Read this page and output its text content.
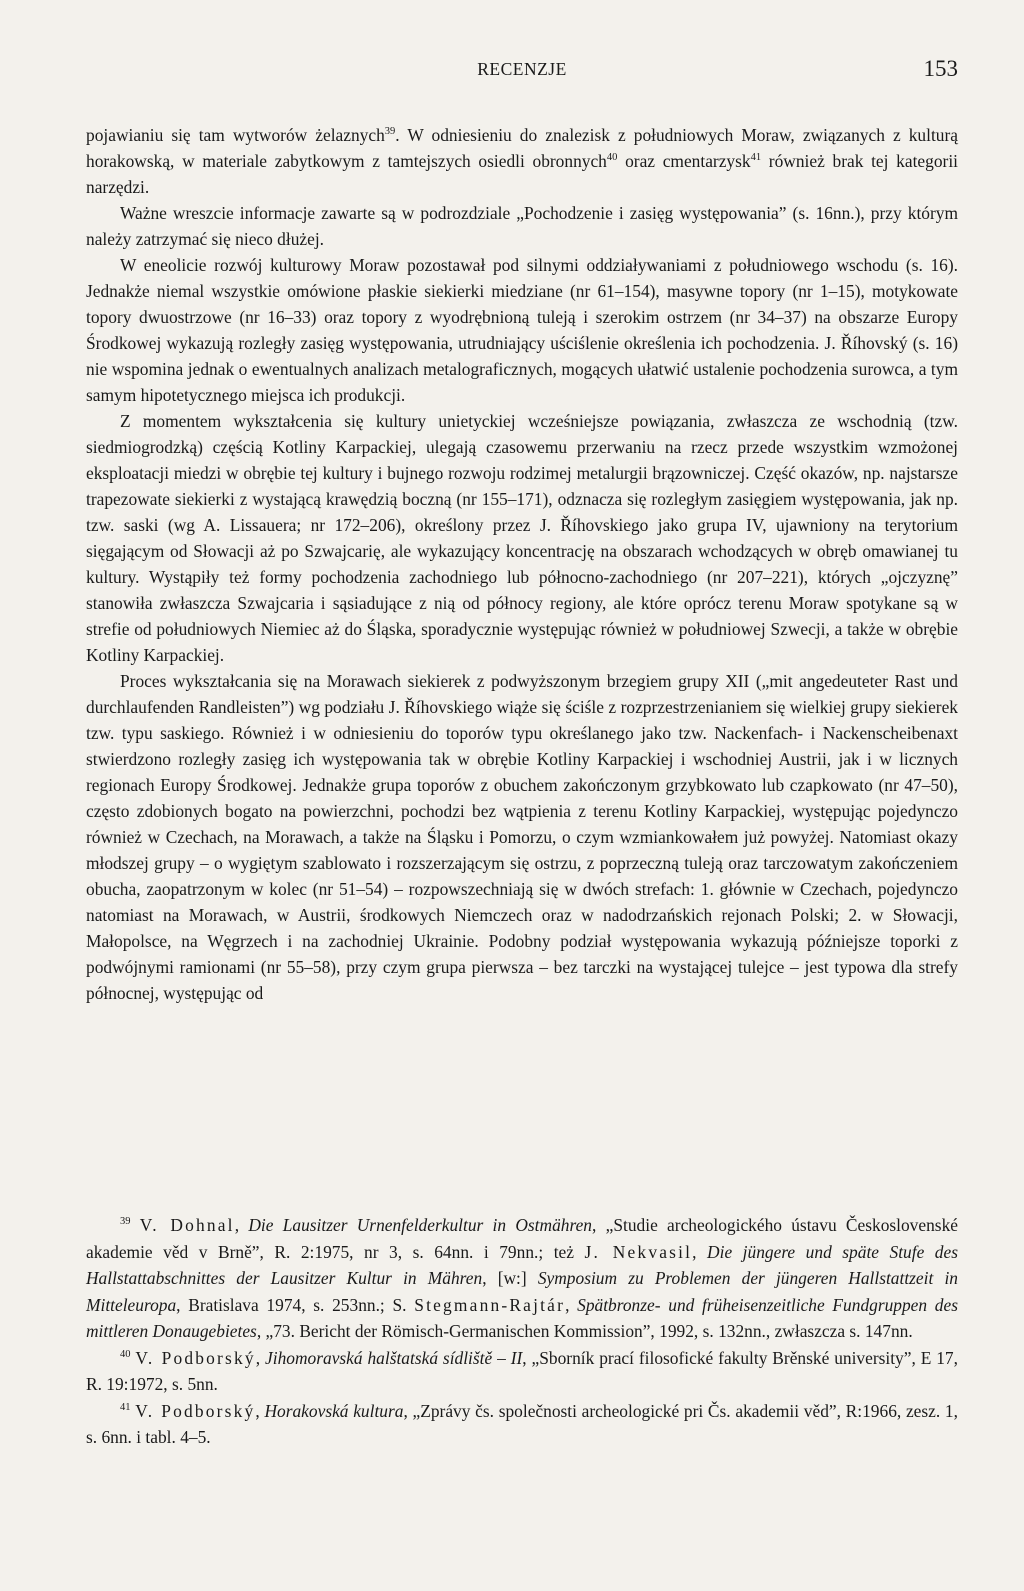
RECENZJE	153

pojawianiu się tam wytworów żelaznych$^{39}$. W odniesieniu do znalezisk z południowych Moraw, związanych z kulturą horakowską, w materiale zabytkowym z tamtejszych osiedli obronnych$^{40}$ oraz cmentarzysk$^{41}$ również brak tej kategorii narzędzi.

Ważne wreszcie informacje zawarte są w podrozdziale „Pochodzenie i zasięg występowania” (s. 16nn.), przy którym należy zatrzymać się nieco dłużej.

W eneolicie rozwój kulturowy Moraw pozostawał pod silnymi oddziaływaniami z południowego wschodu (s. 16). Jednakże niemal wszystkie omówione płaskie siekierki miedziane (nr 61–154), masywne topory (nr 1–15), motykowate topory dwuostrzowe (nr 16–33) oraz topory z wyodrębnioną tuleją i szerokim ostrzem (nr 34–37) na obszarze Europy Środkowej wykazują rozległy zasięg występowania, utrudniający uściślenie określenia ich pochodzenia. J. Říhovský (s. 16) nie wspomina jednak o ewentualnych analizach metalograficznych, mogących ułatwić ustalenie pochodzenia surowca, a tym samym hipotetycznego miejsca ich produkcji.

Z momentem wykształcenia się kultury unietyckiej wcześniejsze powiązania, zwłaszcza ze wschodnią (tzw. siedmiogrodzką) częścią Kotliny Karpackiej, ulegają czasowemu przerwaniu na rzecz przede wszystkim wzmożonej eksploatacji miedzi w obrębie tej kultury i bujnego rozwoju rodzimej metalurgii brązowniczej. Część okazów, np. najstarsze trapezowate siekierki z wystającą krawędzią boczną (nr 155–171), odznacza się rozległym zasięgiem występowania, jak np. tzw. saski (wg A. Lissauera; nr 172–206), określony przez J. Říhovskiego jako grupa IV, ujawniony na terytorium sięgającym od Słowacji aż po Szwajcarię, ale wykazujący koncentrację na obszarach wchodzących w obręb omawianej tu kultury. Wystąpiły też formy pochodzenia zachodniego lub północno-zachodniego (nr 207–221), których „ojczyznę” stanowiła zwłaszcza Szwajcaria i sąsiadujące z nią od północy regiony, ale które oprócz terenu Moraw spotykane są w strefie od południowych Niemiec aż do Śląska, sporadycznie występując również w południowej Szwecji, a także w obrębie Kotliny Karpackiej.

Proces wykształcania się na Morawach siekierek z podwyższonym brzegiem grupy XII („mit angedeuteter Rast und durchlaufenden Randleisten”) wg podziału J. Říhovskiego wiąże się ściśle z rozprzestrzenianiem się wielkiej grupy siekierek tzw. typu saskiego. Również i w odniesieniu do toporów typu określanego jako tzw. Nackenfach- i Nackenscheibenaxt stwierdzono rozległy zasięg ich występowania tak w obrębie Kotliny Karpackiej i wschodniej Austrii, jak i w licznych regionach Europy Środkowej. Jednakże grupa toporów z obuchem zakończonym grzybkowato lub czapkowato (nr 47–50), często zdobionych bogato na powierzchni, pochodzi bez wątpienia z terenu Kotliny Karpackiej, występując pojedynczo również w Czechach, na Morawach, a także na Śląsku i Pomorzu, o czym wzmiankowałem już powyżej. Natomiast okazy młodszej grupy – o wygiętym szablowato i rozszerzającym się ostrzu, z poprzeczną tuleją oraz tarczowatym zakończeniem obucha, zaopatrzonym w kolec (nr 51–54) – rozpowszechniają się w dwóch strefach: 1. głównie w Czechach, pojedynczo natomiast na Morawach, w Austrii, środkowych Niemczech oraz w nadodrzańskich rejonach Polski; 2. w Słowacji, Małopolsce, na Węgrzech i na zachodniej Ukrainie. Podobny podział występowania wykazują późniejsze toporki z podwójnymi ramionami (nr 55–58), przy czym grupa pierwsza – bez tarczki na wystającej tulejce – jest typowa dla strefy północnej, występując od

$^{39}$ V. Dohnal, Die Lausitzer Urnenfelderkultur in Ostmähren, „Studie archeologického ústavu Československé akademie věd v Brně”, R. 2:1975, nr 3, s. 64nn. i 79nn.; też J. Nekvasil, Die jüngere und späte Stufe des Hallstattabschnittes der Lausitzer Kultur in Mähren, [w:] Symposium zu Problemen der jüngeren Hallstattzeit in Mitteleuropa, Bratislava 1974, s. 253nn.; S. Stegmann-Rajtár, Spätbronze- und frühеisenzeitliche Fundgruppen des mittleren Donaugebietes, „73. Bericht der Römisch-Germanischen Kommission”, 1992, s. 132nn., zwłaszcza s. 147nn.

$^{40}$ V. Podborský, Jihomoravská halštatská sídliště – II, „Sborník prací filosofické fakulty Brěnské university”, E 17, R. 19:1972, s. 5nn.

$^{41}$ V. Podborský, Horakovská kultura, „Zprávy čs. společnosti archeologické pri Čs. akademii věd”, R:1966, zesz. 1, s. 6nn. i tabl. 4–5.
